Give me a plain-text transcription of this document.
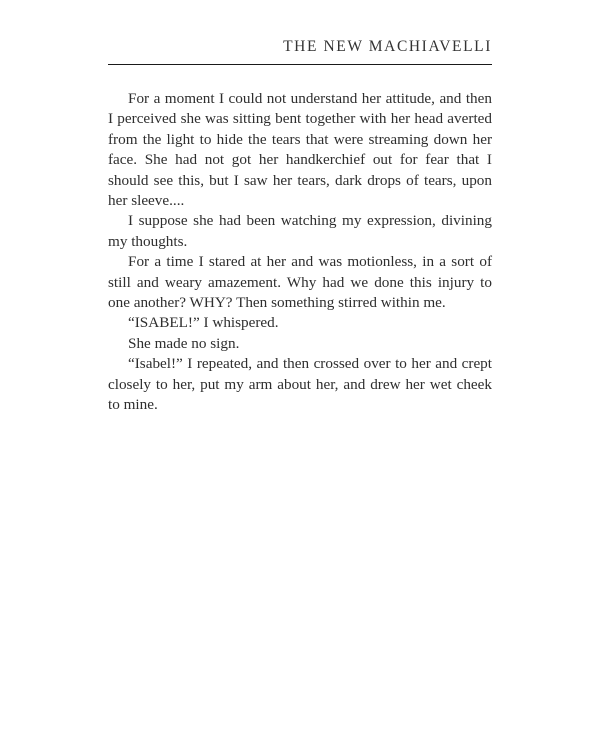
THE NEW MACHIAVELLI

For a moment I could not understand her attitude, and then I perceived she was sitting bent together with her head averted from the light to hide the tears that were streaming down her face. She had not got her handkerchief out for fear that I should see this, but I saw her tears, dark drops of tears, upon her sleeve....

I suppose she had been watching my expression, divining my thoughts.

For a time I stared at her and was motionless, in a sort of still and weary amazement. Why had we done this injury to one another? WHY? Then something stirred within me.

“ISABEL!” I whispered.

She made no sign.

“Isabel!” I repeated, and then crossed over to her and crept closely to her, put my arm about her, and drew her wet cheek to mine.
